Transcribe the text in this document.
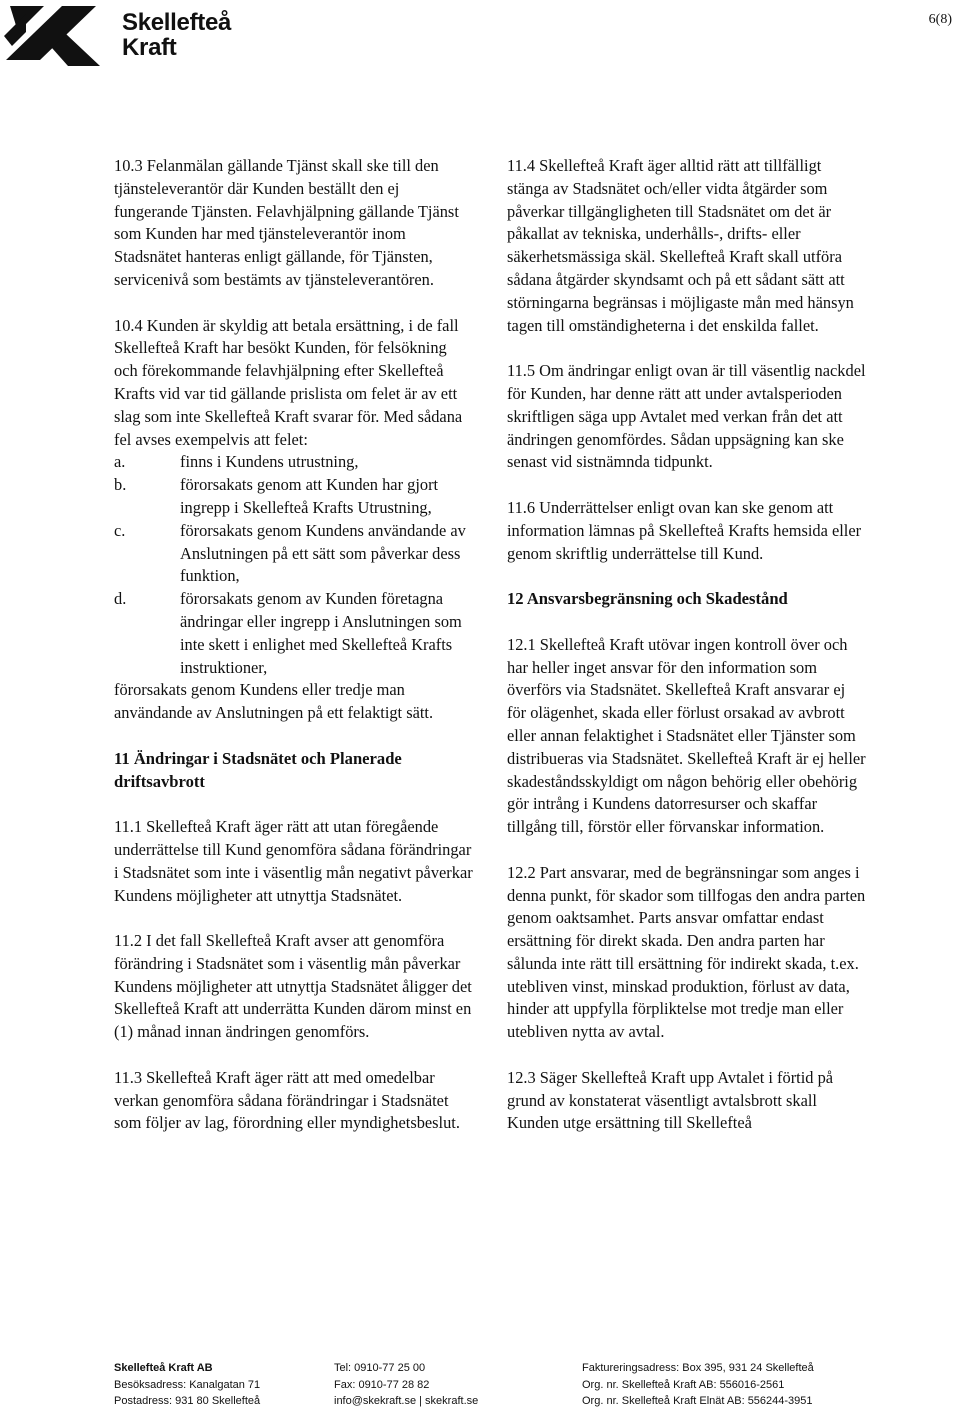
Skellefteå
Kraft
6(8)

10.3 Felanmälan gällande Tjänst skall ske till den tjänsteleverantör där Kunden beställt den ej fungerande Tjänsten. Felavhjälpning gällande Tjänst som Kunden har med tjänsteleverantör inom Stadsnätet hanteras enligt gällande, för Tjänsten, servicenivå som bestämts av tjänsteleverantören.

10.4 Kunden är skyldig att betala ersättning, i de fall Skellefteå Kraft har besökt Kunden, för felsökning och förekommande felavhjälpning efter Skellefteå Krafts vid var tid gällande prislista om felet är av ett slag som inte Skellefteå Kraft svarar för. Med sådana fel avses exempelvis att felet:

a.	finns i Kundens utrustning,
b.	förorsakats genom att Kunden har gjort ingrepp i Skellefteå Krafts Utrustning,
c.	förorsakats genom Kundens användande av Anslutningen på ett sätt som påverkar dess funktion,
d.	förorsakats genom av Kunden företagna ändringar eller ingrepp i Anslutningen som inte skett i enlighet med Skellefteå Krafts instruktioner,

förorsakats genom Kundens eller tredje man användande av Anslutningen på ett felaktigt sätt.

11 Ändringar i Stadsnätet och Planerade driftsavbrott

11.1 Skellefteå Kraft äger rätt att utan föregående underrättelse till Kund genomföra sådana förändringar i Stadsnätet som inte i väsentlig mån negativt påverkar Kundens möjligheter att utnyttja Stadsnätet.

11.2 I det fall Skellefteå Kraft avser att genomföra förändring i Stadsnätet som i väsentlig mån påverkar Kundens möjligheter att utnyttja Stadsnätet åligger det Skellefteå Kraft att underrätta Kunden därom minst en (1) månad innan ändringen genomförs.

11.3 Skellefteå Kraft äger rätt att med omedelbar verkan genomföra sådana förändringar i Stadsnätet som följer av lag, förordning eller myndighetsbeslut.

11.4 Skellefteå Kraft äger alltid rätt att tillfälligt stänga av Stadsnätet och/eller vidta åtgärder som påverkar tillgängligheten till Stadsnätet om det är påkallat av tekniska, underhålls-, drifts- eller säkerhetsmässiga skäl. Skellefteå Kraft skall utföra sådana åtgärder skyndsamt och på ett sådant sätt att störningarna begränsas i möjligaste mån med hänsyn tagen till omständigheterna i det enskilda fallet.

11.5 Om ändringar enligt ovan är till väsentlig nackdel för Kunden, har denne rätt att under avtalsperioden skriftligen säga upp Avtalet med verkan från det att ändringen genomfördes. Sådan uppsägning kan ske senast vid sistnämnda tidpunkt.

11.6 Underrättelser enligt ovan kan ske genom att information lämnas på Skellefteå Krafts hemsida eller genom skriftlig underrättelse till Kund.

12 Ansvarsbegränsning och Skadestånd

12.1 Skellefteå Kraft utövar ingen kontroll över och har heller inget ansvar för den information som överförs via Stadsnätet. Skellefteå Kraft ansvarar ej för olägenhet, skada eller förlust orsakad av avbrott eller annan felaktighet i Stadsnätet eller Tjänster som distribueras via Stadsnätet. Skellefteå Kraft är ej heller skadeståndsskyldigt om någon behörig eller obehörig gör intrång i Kundens datorresurser och skaffar tillgång till, förstör eller förvanskar information.

12.2 Part ansvarar, med de begränsningar som anges i denna punkt, för skador som tillfogas den andra parten genom oaktsamhet. Parts ansvar omfattar endast ersättning för direkt skada. Den andra parten har sålunda inte rätt till ersättning för indirekt skada, t.ex. utebliven vinst, minskad produktion, förlust av data, hinder att uppfylla förpliktelse mot tredje man eller utebliven nytta av avtal.

12.3 Säger Skellefteå Kraft upp Avtalet i förtid på grund av konstaterat väsentligt avtalsbrott skall Kunden utge ersättning till Skellefteå

Skellefteå Kraft AB
Besöksadress: Kanalgatan 71
Postadress: 931 80 Skellefteå
Tel: 0910-77 25 00
Fax: 0910-77 28 82
info@skekraft.se | skekraft.se
Faktureringsadress: Box 395, 931 24 Skellefteå
Org. nr. Skellefteå Kraft AB: 556016-2561
Org. nr. Skellefteå Kraft Elnät AB: 556244-3951
